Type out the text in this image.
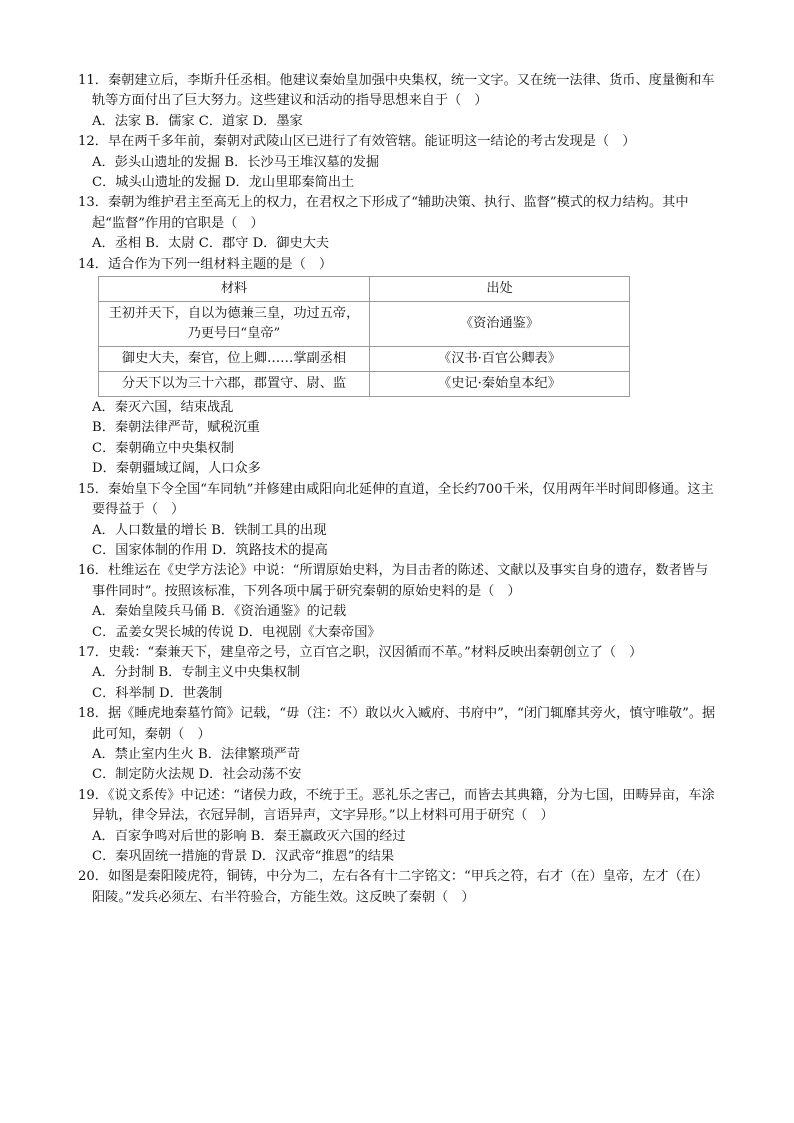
11．秦朝建立后，李斯升任丞相。他建议秦始皇加强中央集权，统一文字。又在统一法律、货币、度量衡和车轨等方面付出了巨大努力。这些建议和活动的指导思想来自于（　）

A．法家 B．儒家 C．道家 D．墨家

12．早在两千多年前，秦朝对武陵山区已进行了有效管辖。能证明这一结论的考古发现是（　）

A．彭头山遗址的发掘 B．长沙马王堆汉墓的发掘

C．城头山遗址的发掘 D．龙山里耶秦简出土

13．秦朝为维护君主至高无上的权力，在君权之下形成了“辅助决策、执行、监督”模式的权力结构。其中起“监督”作用的官职是（　）

A．丞相 B．太尉 C．郡守 D．御史大夫

14．适合作为下列一组材料主题的是（　）

材料	出处
王初并天下，自以为德兼三皇，功过五帝，乃更号曰“皇帝”	《资治通鉴》
御史大夫，秦官，位上卿……掌副丞相	《汉书·百官公卿表》
分天下以为三十六郡，郡置守、尉、监	《史记·秦始皇本纪》

A．秦灭六国，结束战乱

B．秦朝法律严苛，赋税沉重

C．秦朝确立中央集权制

D．秦朝疆域辽阔，人口众多

15．秦始皇下令全国“车同轨”并修建由咸阳向北延伸的直道，全长约700千米，仅用两年半时间即修通。这主要得益于（　）

A．人口数量的增长 B．铁制工具的出现

C．国家体制的作用 D．筑路技术的提高

16．杜维运在《史学方法论》中说：“所谓原始史料，为目击者的陈述、文献以及事实自身的遗存，数者皆与事件同时”。按照该标准，下列各项中属于研究秦朝的原始史料的是（　）

A．秦始皇陵兵马俑 B．《资治通鉴》的记载

C．孟姜女哭长城的传说 D．电视剧《大秦帝国》

17．史载：“秦兼天下，建皇帝之号，立百官之职，汉因循而不革。”材料反映出秦朝创立了（　）

A．分封制 B．专制主义中央集权制

C．科举制 D．世袭制

18．据《睡虎地秦墓竹简》记载，“毋（注：不）敢以火入臧府、书府中”，“闭门辄靡其旁火，慎守唯敬”。据此可知，秦朝（　）

A．禁止室内生火 B．法律繁琐严苛

C．制定防火法规 D．社会动荡不安

19．《说文系传》中记述：“诸侯力政，不统于王。恶礼乐之害己，而皆去其典籍，分为七国，田畴异亩，车涂异轨，律令异法，衣冠异制，言语异声，文字异形。”以上材料可用于研究（　）

A．百家争鸣对后世的影响 B．秦王嬴政灭六国的经过

C．秦巩固统一措施的背景 D．汉武帝“推恩”的结果

20．如图是秦阳陵虎符，铜铸，中分为二，左右各有十二字铭文：“甲兵之符，右才（在）皇帝，左才（在）阳陵。”发兵必须左、右半符验合，方能生效。这反映了秦朝（　）
